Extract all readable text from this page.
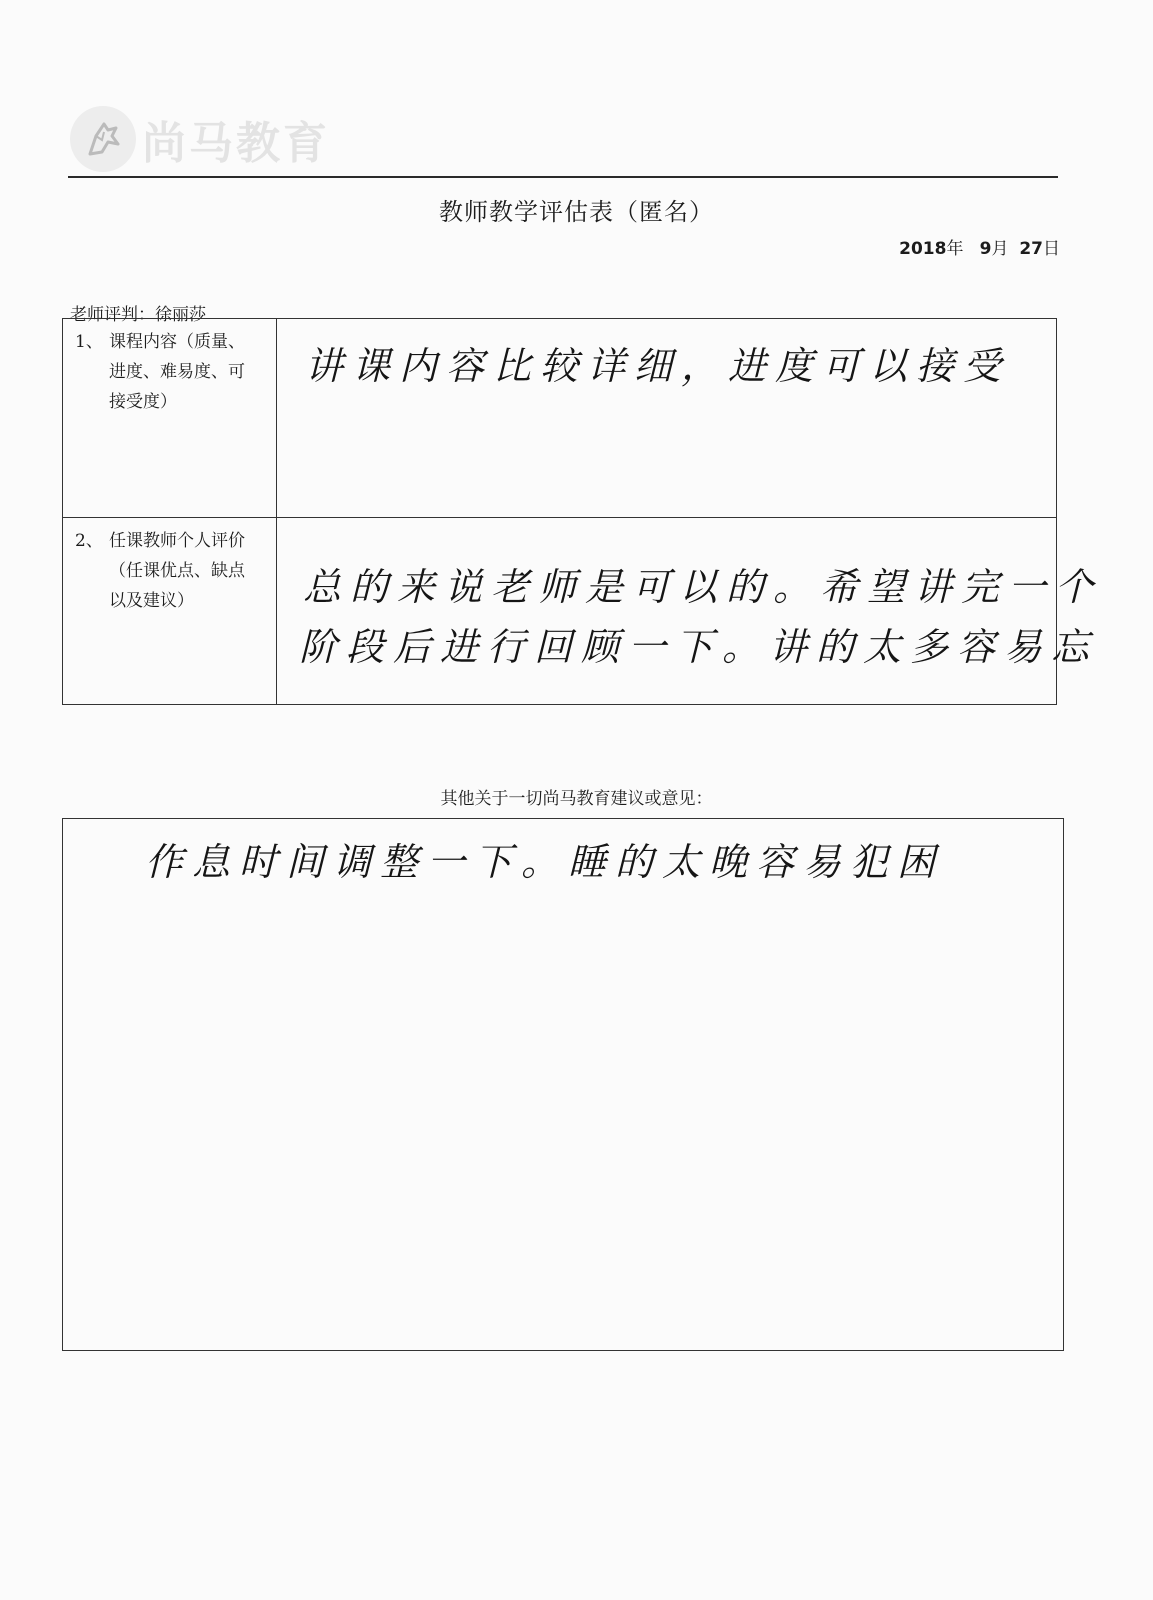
尚马教育
教师教学评估表（匿名）
2018年 9月 27日
老师评判：徐丽莎
1、 课程内容（质量、
进度、难易度、可
接受度）
讲课内容比较详细，进度可以接受
2、 任课教师个人评价
（任课优点、缺点
以及建议）	总的来说老师是可以的。希望讲完一个
阶段后进行回顾一下。讲的太多容易忘
其他关于一切尚马教育建议或意见：
作息时间调整一下。睡的太晚容易犯困
